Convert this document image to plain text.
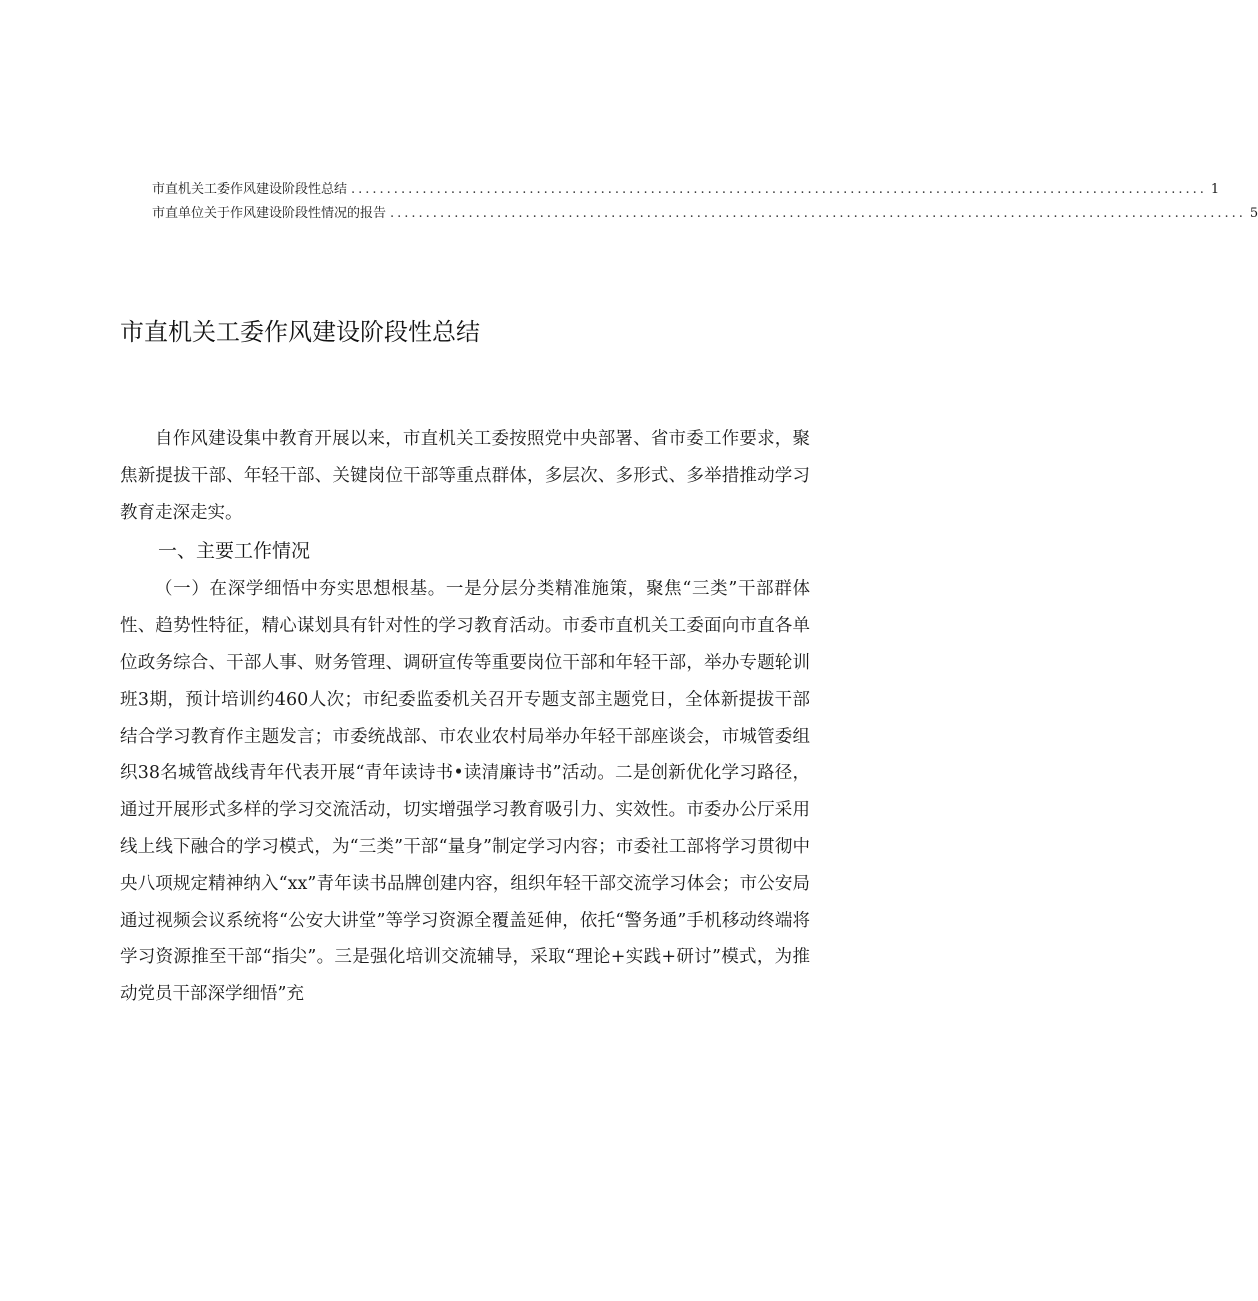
市直机关工委作风建设阶段性总结 ........................................................................................................................ 1
市直单位关于作风建设阶段性情况的报告 ........................................................................................................................ 5
市直机关工委作风建设阶段性总结

自作风建设集中教育开展以来，市直机关工委按照党中央部署、省市委工作要求，聚焦新提拔干部、年轻干部、关键岗位干部等重点群体，多层次、多形式、多举措推动学习教育走深走实。

一、主要工作情况

（一）在深学细悟中夯实思想根基。一是分层分类精准施策，聚焦“三类”干部群体性、趋势性特征，精心谋划具有针对性的学习教育活动。市委市直机关工委面向市直各单位政务综合、干部人事、财务管理、调研宣传等重要岗位干部和年轻干部，举办专题轮训班3期，预计培训约460人次；市纪委监委机关召开专题支部主题党日，全体新提拔干部结合学习教育作主题发言；市委统战部、市农业农村局举办年轻干部座谈会，市城管委组织38名城管战线青年代表开展“青年读诗书•读清廉诗书”活动。二是创新优化学习路径，通过开展形式多样的学习交流活动，切实增强学习教育吸引力、实效性。市委办公厅采用线上线下融合的学习模式，为“三类”干部“量身”制定学习内容；市委社工部将学习贯彻中央八项规定精神纳入“xx”青年读书品牌创建内容，组织年轻干部交流学习体会；市公安局通过视频会议系统将“公安大讲堂”等学习资源全覆盖延伸，依托“警务通”手机移动终端将学习资源推至干部“指尖”。三是强化培训交流辅导，采取“理论+实践+研讨”模式，为推动党员干部深学细悟”充
